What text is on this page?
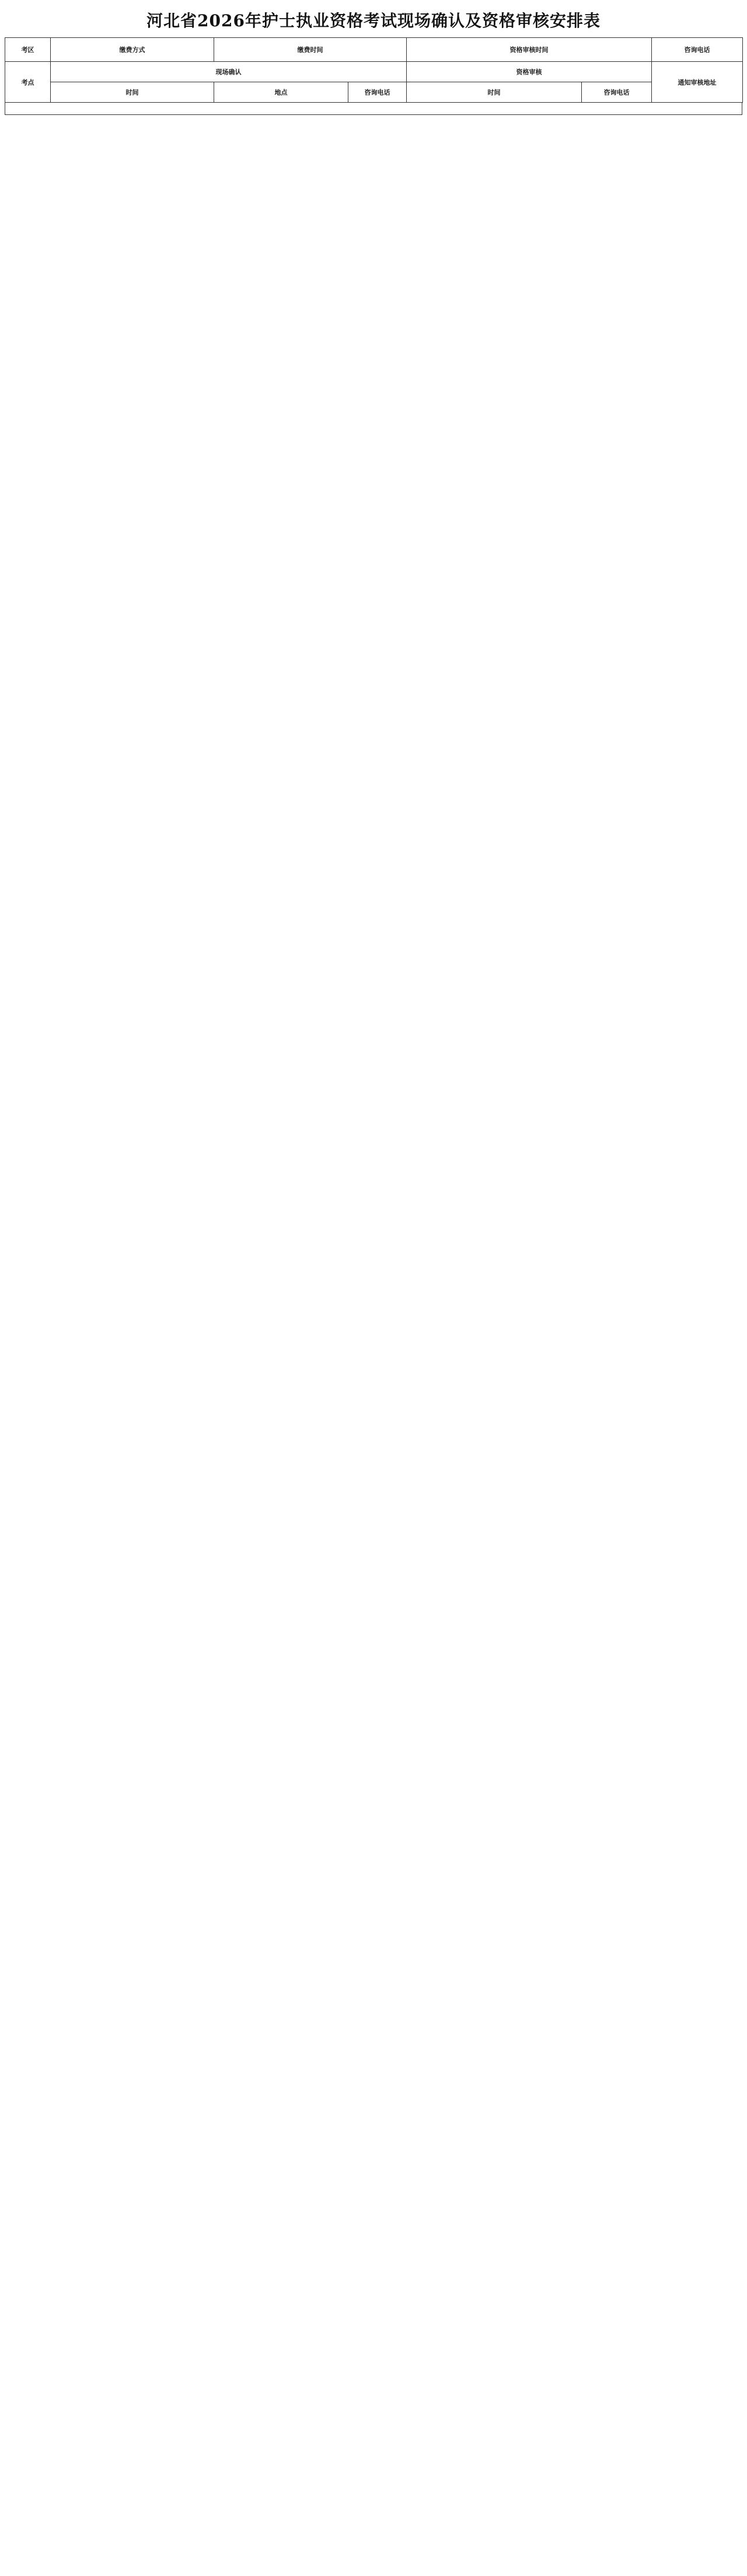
河北省2026年护士执业资格考试现场确认及资格审核安排表
考区	缴费方式	缴费时间		资格审核时间		咨询电话
考点	现场确认			资格审核		通知审核地址
	时间	地点	咨询电话	时间	咨询电话	
